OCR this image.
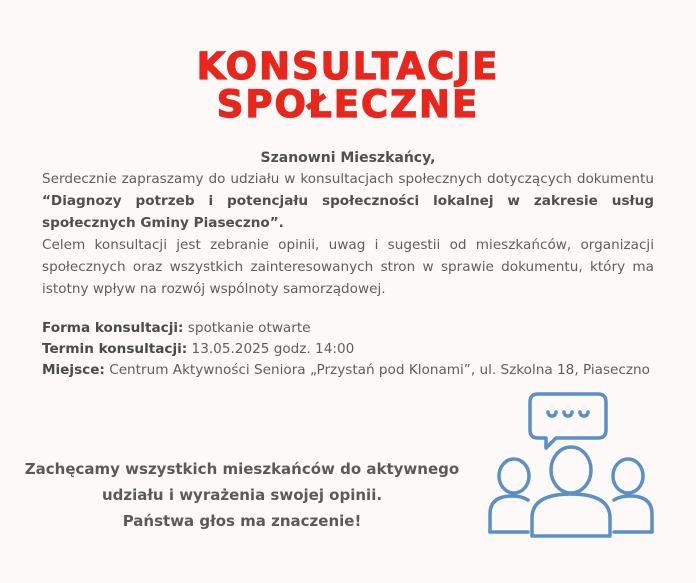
KONSULTACJE
SPOŁECZNE
Szanowni Mieszkańcy,
Serdecznie zapraszamy do udziału w konsultacjach społecznych dotyczących dokumentu “Diagnozy potrzeb i potencjału społeczności lokalnej w zakresie usług społecznych Gminy Piaseczno”.
Celem konsultacji jest zebranie opinii, uwag i sugestii od mieszkańców, organizacji społecznych oraz wszystkich zainteresowanych stron w sprawie dokumentu, który ma istotny wpływ na rozwój wspólnoty samorządowej.
Forma konsultacji: spotkanie otwarte
Termin konsultacji: 13.05.2025 godz. 14:00
Miejsce: Centrum Aktywności Seniora „Przystań pod Klonami”, ul. Szkolna 18, Piaseczno
Zachęcamy wszystkich mieszkańców do aktywnego
udziału i wyrażenia swojej opinii.
Państwa głos ma znaczenie!
